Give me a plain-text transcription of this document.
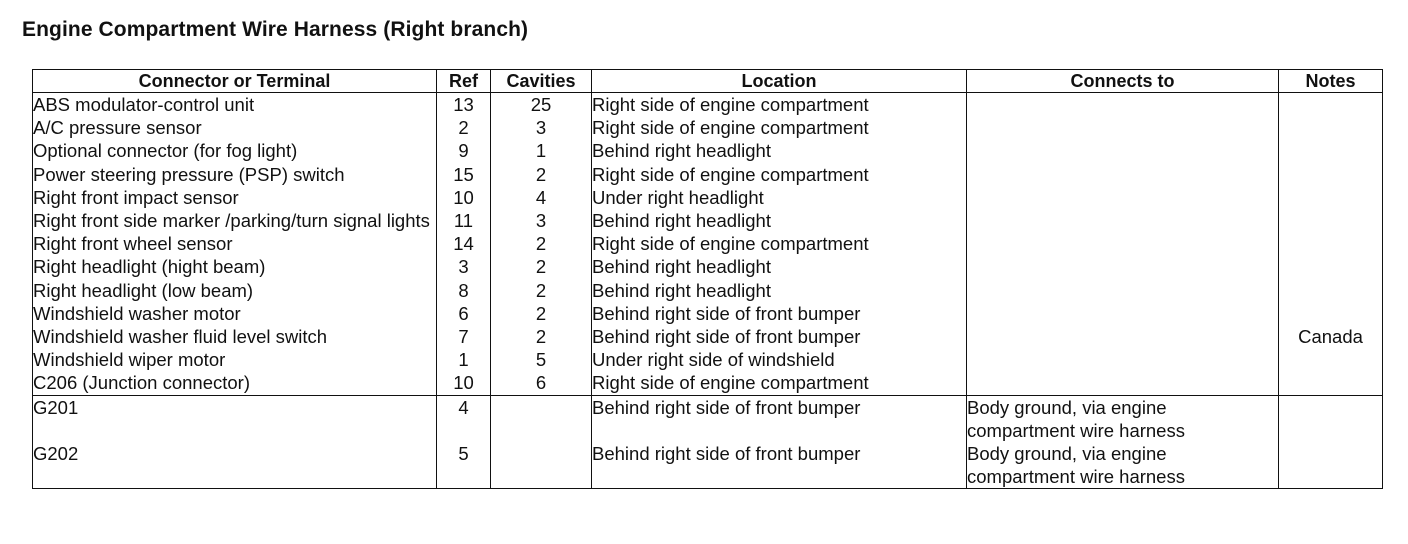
Engine Compartment Wire Harness (Right branch)
Connector or Terminal	Ref	Cavities	Location	Connects to	Notes
ABS modulator-control unit	13	25	Right side of engine compartment		
A/C pressure sensor	2	3	Right side of engine compartment		
Optional connector (for fog light)	9	1	Behind right headlight		
Power steering pressure (PSP) switch	15	2	Right side of engine compartment		
Right front impact sensor	10	4	Under right headlight		
Right front side marker /parking/turn signal lights	11	3	Behind right headlight		
Right front wheel sensor	14	2	Right side of engine compartment		
Right headlight (hight beam)	3	2	Behind right headlight		
Right headlight (low beam)	8	2	Behind right headlight		
Windshield washer motor	6	2	Behind right side of front bumper		
Windshield washer fluid level switch	7	2	Behind right side of front bumper		Canada
Windshield wiper motor	1	5	Under right side of windshield		
C206 (Junction connector)	10	6	Right side of engine compartment		
G201	4		Behind right side of front bumper	Body ground, via engine compartment wire harness	
G202	5		Behind right side of front bumper	Body ground, via engine compartment wire harness	
